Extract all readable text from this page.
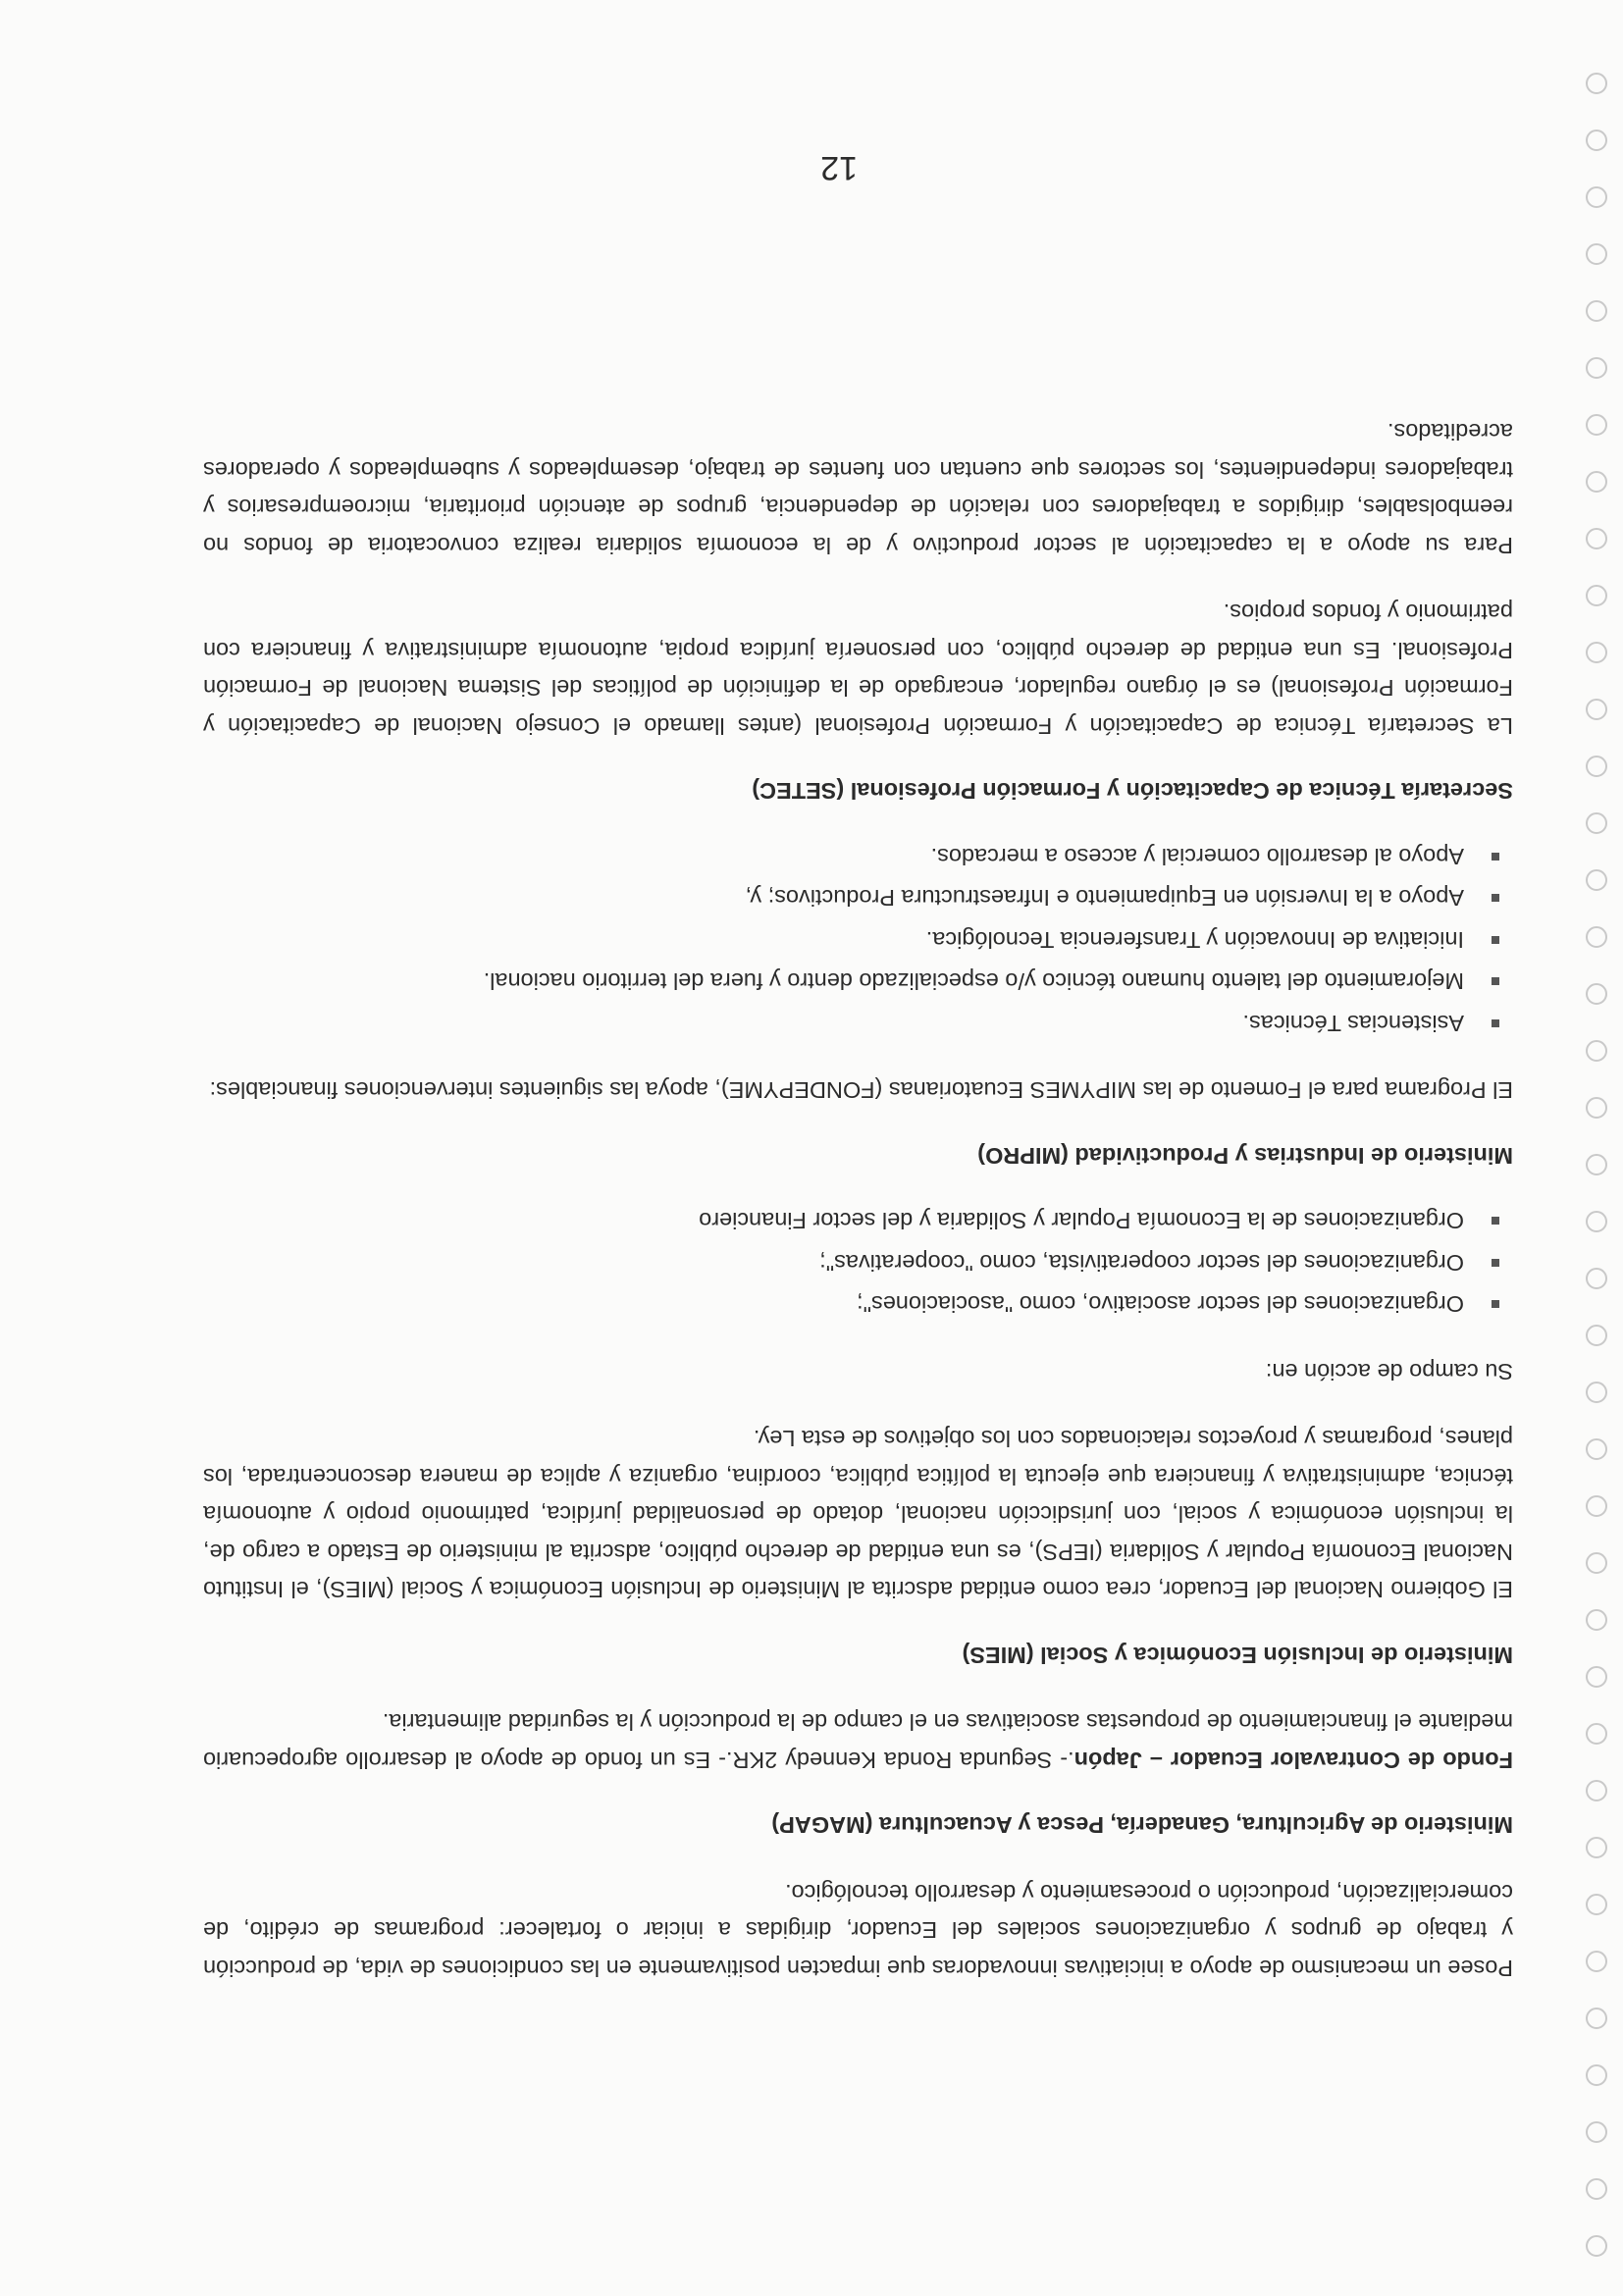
Posee un mecanismo de apoyo a iniciativas innovadoras que impacten positivamente en las condiciones de vida, de producción y trabajo de grupos y organizaciones sociales del Ecuador, dirigidas a iniciar o fortalecer: programas de crédito, de comercialización, producción o procesamiento y desarrollo tecnológico.

Ministerio de Agricultura, Ganadería, Pesca y Acuacultura (MAGAP)

Fondo de Contravalor Ecuador – Japón.- Segunda Ronda Kennedy 2KR.- Es un fondo de apoyo al desarrollo agropecuario mediante el financiamiento de propuestas asociativas en el campo de la producción y la seguridad alimentaria.

Ministerio de Inclusión Económica y Social (MIES)

El Gobierno Nacional del Ecuador, crea como entidad adscrita al Ministerio de Inclusión Económica y Social (MIES), el Instituto Nacional Economía Popular y Solidaria (IEPS), es una entidad de derecho público, adscrita al ministerio de Estado a cargo de, la inclusión económica y social, con jurisdicción nacional, dotado de personalidad jurídica, patrimonio propio y autonomía técnica, administrativa y financiera que ejecuta la política pública, coordina, organiza y aplica de manera desconcentrada, los planes, programas y proyectos relacionados con los objetivos de esta Ley.

Su campo de acción en:

Organizaciones del sector asociativo, como "asociaciones";
Organizaciones del sector cooperativista, como "cooperativas";
Organizaciones de la Economía Popular y Solidaria y del sector Financiero
Ministerio de Industrias y Productividad (MIPRO)

El Programa para el Fomento de las MIPYMES Ecuatorianas (FONDEPYME), apoya las siguientes intervenciones financiables:

Asistencias Técnicas.
Mejoramiento del talento humano técnico y/o especializado dentro y fuera del territorio nacional.
Iniciativa de Innovación y Transferencia Tecnológica.
Apoyo a la Inversión en Equipamiento e Infraestructura Productivos; y,
Apoyo al desarrollo comercial y acceso a mercados.
Secretaría Técnica de Capacitación y Formación Profesional (SETEC)

La Secretaría Técnica de Capacitación y Formación Profesional (antes llamado el Consejo Nacional de Capacitación y Formación Profesional) es el órgano regulador, encargado de la definición de políticas del Sistema Nacional de Formación Profesional. Es una entidad de derecho público, con personería jurídica propia, autonomía administrativa y financiera con patrimonio y fondos propios.

Para su apoyo a la capacitación al sector productivo y de la economía solidaria realiza convocatoria de fondos no reembolsables, dirigidos a trabajadores con relación de dependencia, grupos de atención prioritaria, microempresarios y trabajadores independientes, los sectores que cuentan con fuentes de trabajo, desempleados y subempleados y operadores acreditados.

12
